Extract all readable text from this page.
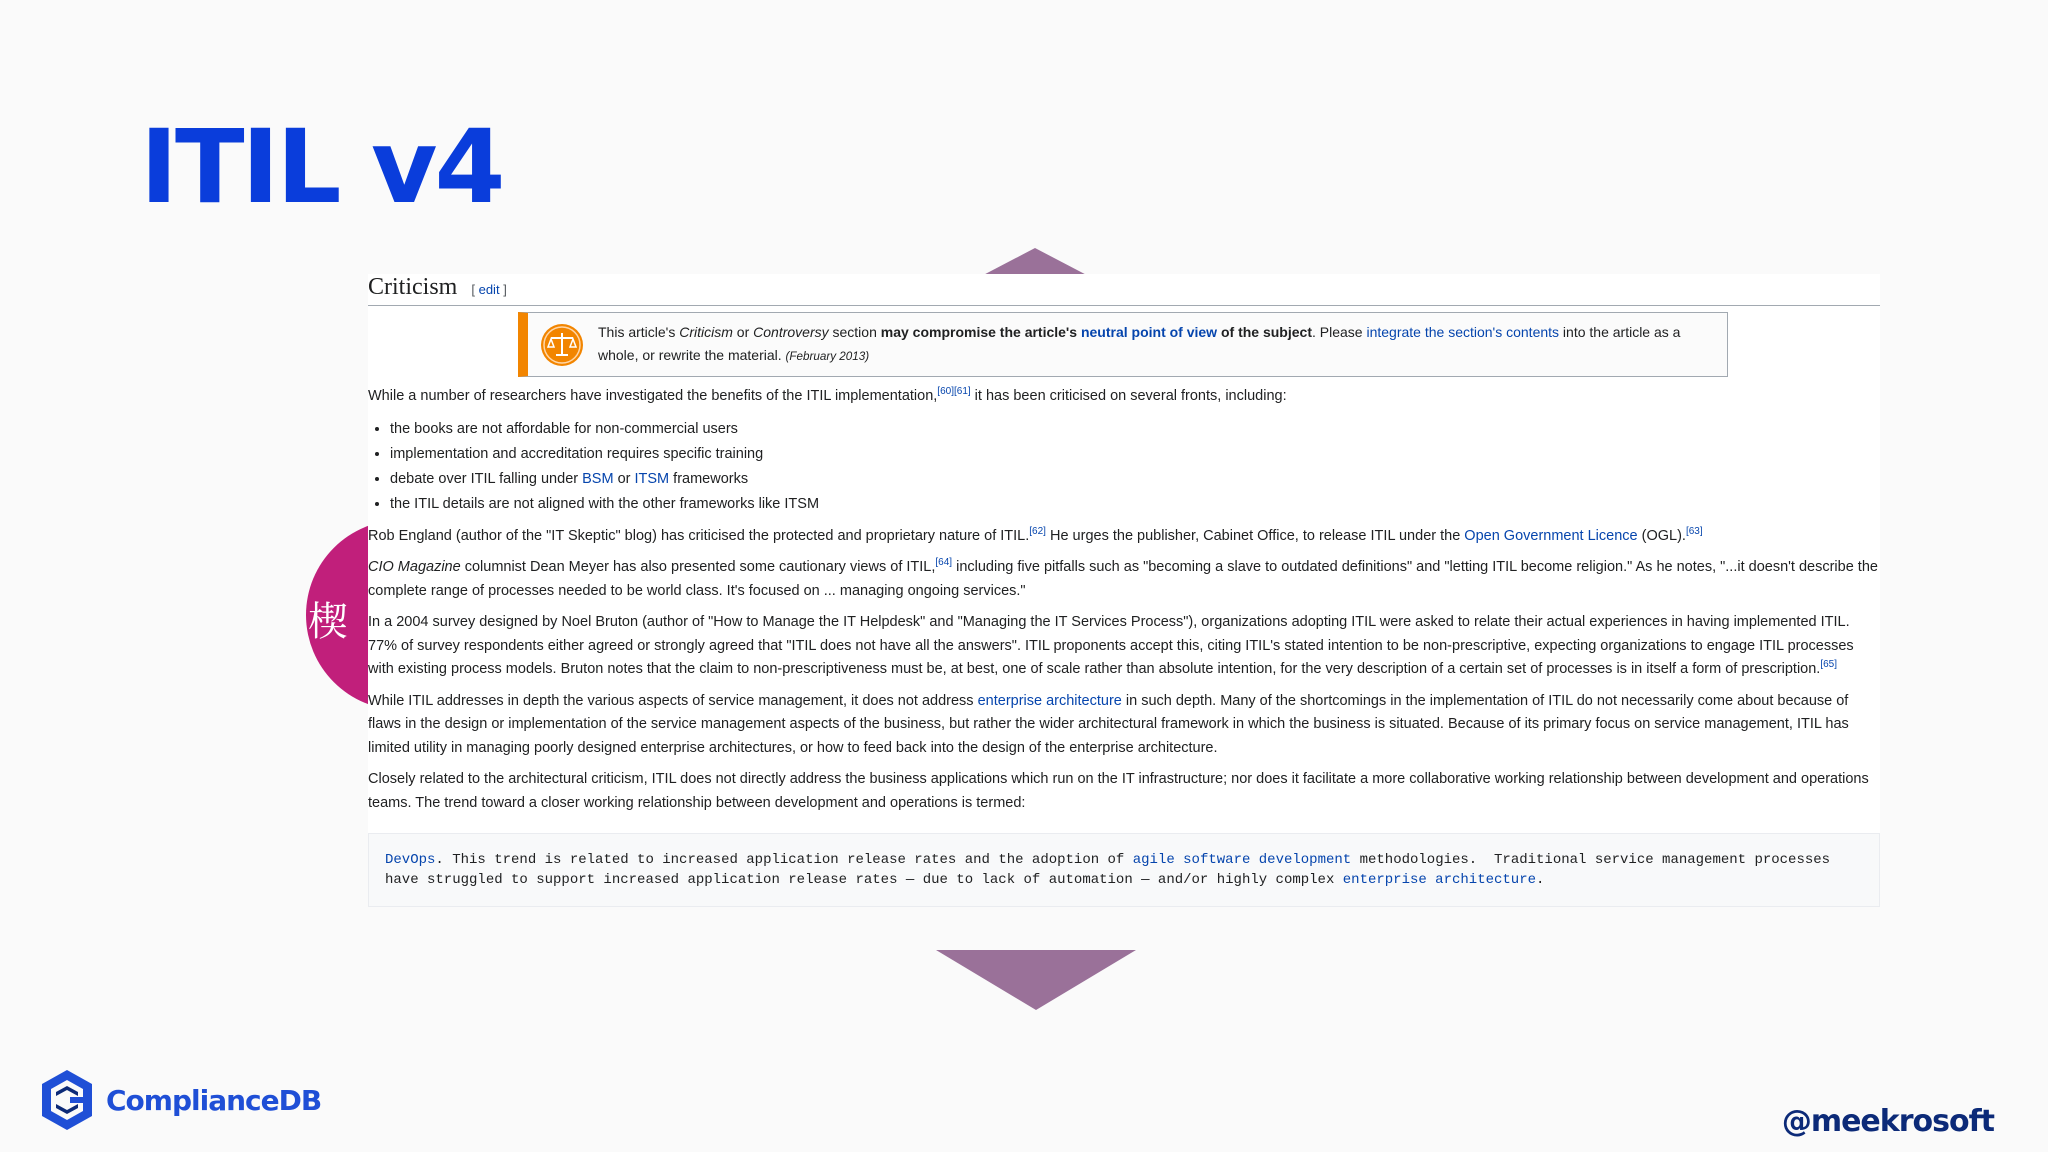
ITIL v4
楔
Criticism [ edit ]
This article's Criticism or Controversy section may compromise the article's neutral point of view of the subject. Please integrate the section's contents into the article as a whole, or rewrite the material. (February 2013)

While a number of researchers have investigated the benefits of the ITIL implementation,[60][61] it has been criticised on several fronts, including:

• the books are not affordable for non-commercial users
• implementation and accreditation requires specific training
• debate over ITIL falling under BSM or ITSM frameworks
• the ITIL details are not aligned with the other frameworks like ITSM

Rob England (author of the "IT Skeptic" blog) has criticised the protected and proprietary nature of ITIL.[62] He urges the publisher, Cabinet Office, to release ITIL under the Open Government Licence (OGL).[63]

CIO Magazine columnist Dean Meyer has also presented some cautionary views of ITIL,[64] including five pitfalls such as "becoming a slave to outdated definitions" and "letting ITIL become religion." As he notes, "...it doesn't describe the complete range of processes needed to be world class. It's focused on ... managing ongoing services."

In a 2004 survey designed by Noel Bruton (author of "How to Manage the IT Helpdesk" and "Managing the IT Services Process"), organizations adopting ITIL were asked to relate their actual experiences in having implemented ITIL. 77% of survey respondents either agreed or strongly agreed that "ITIL does not have all the answers". ITIL proponents accept this, citing ITIL's stated intention to be non-prescriptive, expecting organizations to engage ITIL processes with existing process models. Bruton notes that the claim to non-prescriptiveness must be, at best, one of scale rather than absolute intention, for the very description of a certain set of processes is in itself a form of prescription.[65]

While ITIL addresses in depth the various aspects of service management, it does not address enterprise architecture in such depth. Many of the shortcomings in the implementation of ITIL do not necessarily come about because of flaws in the design or implementation of the service management aspects of the business, but rather the wider architectural framework in which the business is situated. Because of its primary focus on service management, ITIL has limited utility in managing poorly designed enterprise architectures, or how to feed back into the design of the enterprise architecture.

Closely related to the architectural criticism, ITIL does not directly address the business applications which run on the IT infrastructure; nor does it facilitate a more collaborative working relationship between development and operations teams. The trend toward a closer working relationship between development and operations is termed:

DevOps. This trend is related to increased application release rates and the adoption of agile software development methodologies.  Traditional service management processes have struggled to support increased application release rates — due to lack of automation — and/or highly complex enterprise architecture.
ComplianceDB
@meekrosoft
